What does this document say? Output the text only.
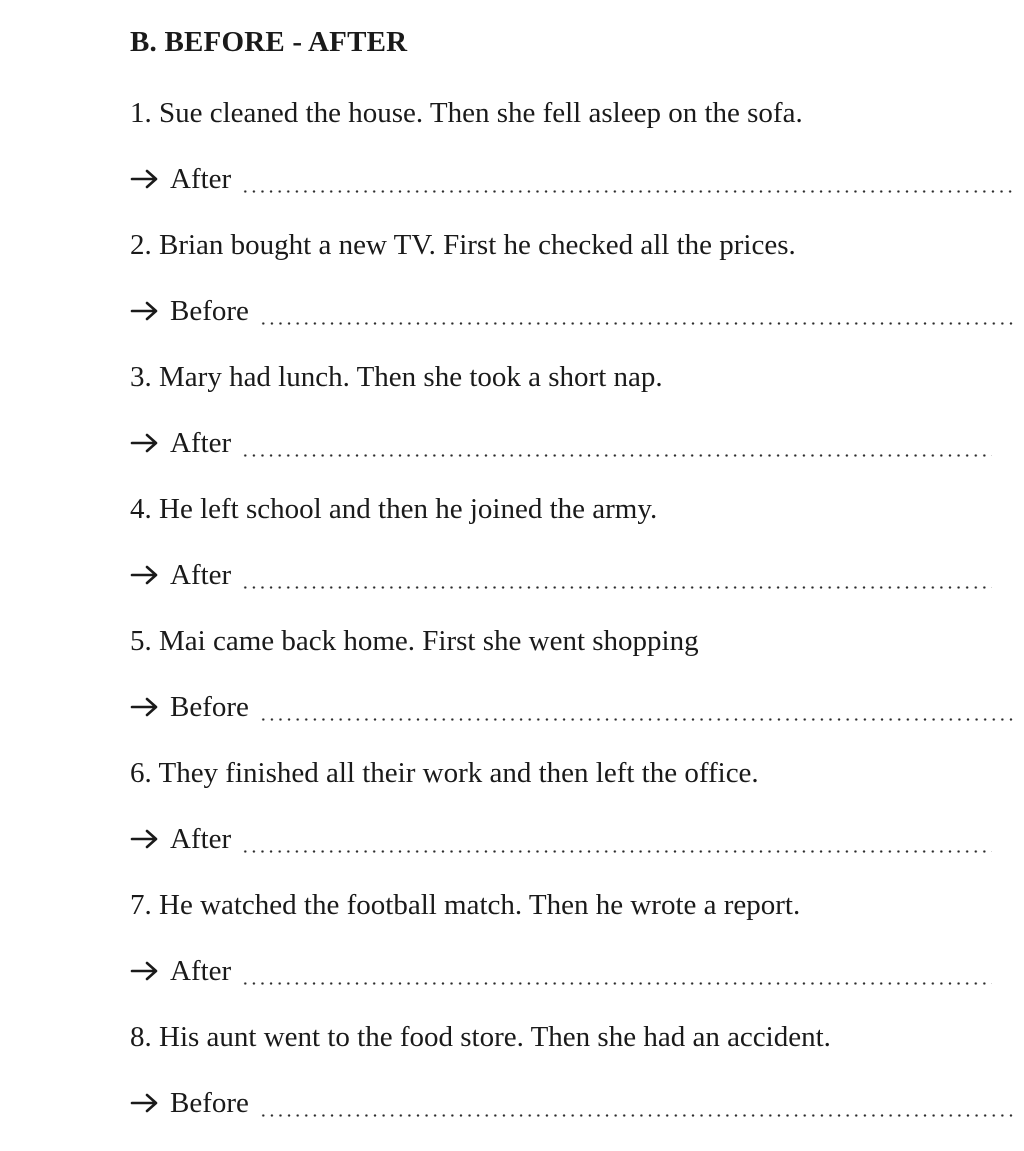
B. BEFORE - AFTER
1. Sue cleaned the house. Then she fell asleep on the sofa.
After
2. Brian bought a new TV. First he checked all the prices.
Before
3. Mary had lunch. Then she took a short nap.
After
4. He left school and then he joined the army.
After
5. Mai came back home. First she went shopping
Before
6. They finished all their work and then left the office.
After
7. He watched the football match. Then he wrote a report.
After
8. His aunt went to the food store. Then she had an accident.
Before
